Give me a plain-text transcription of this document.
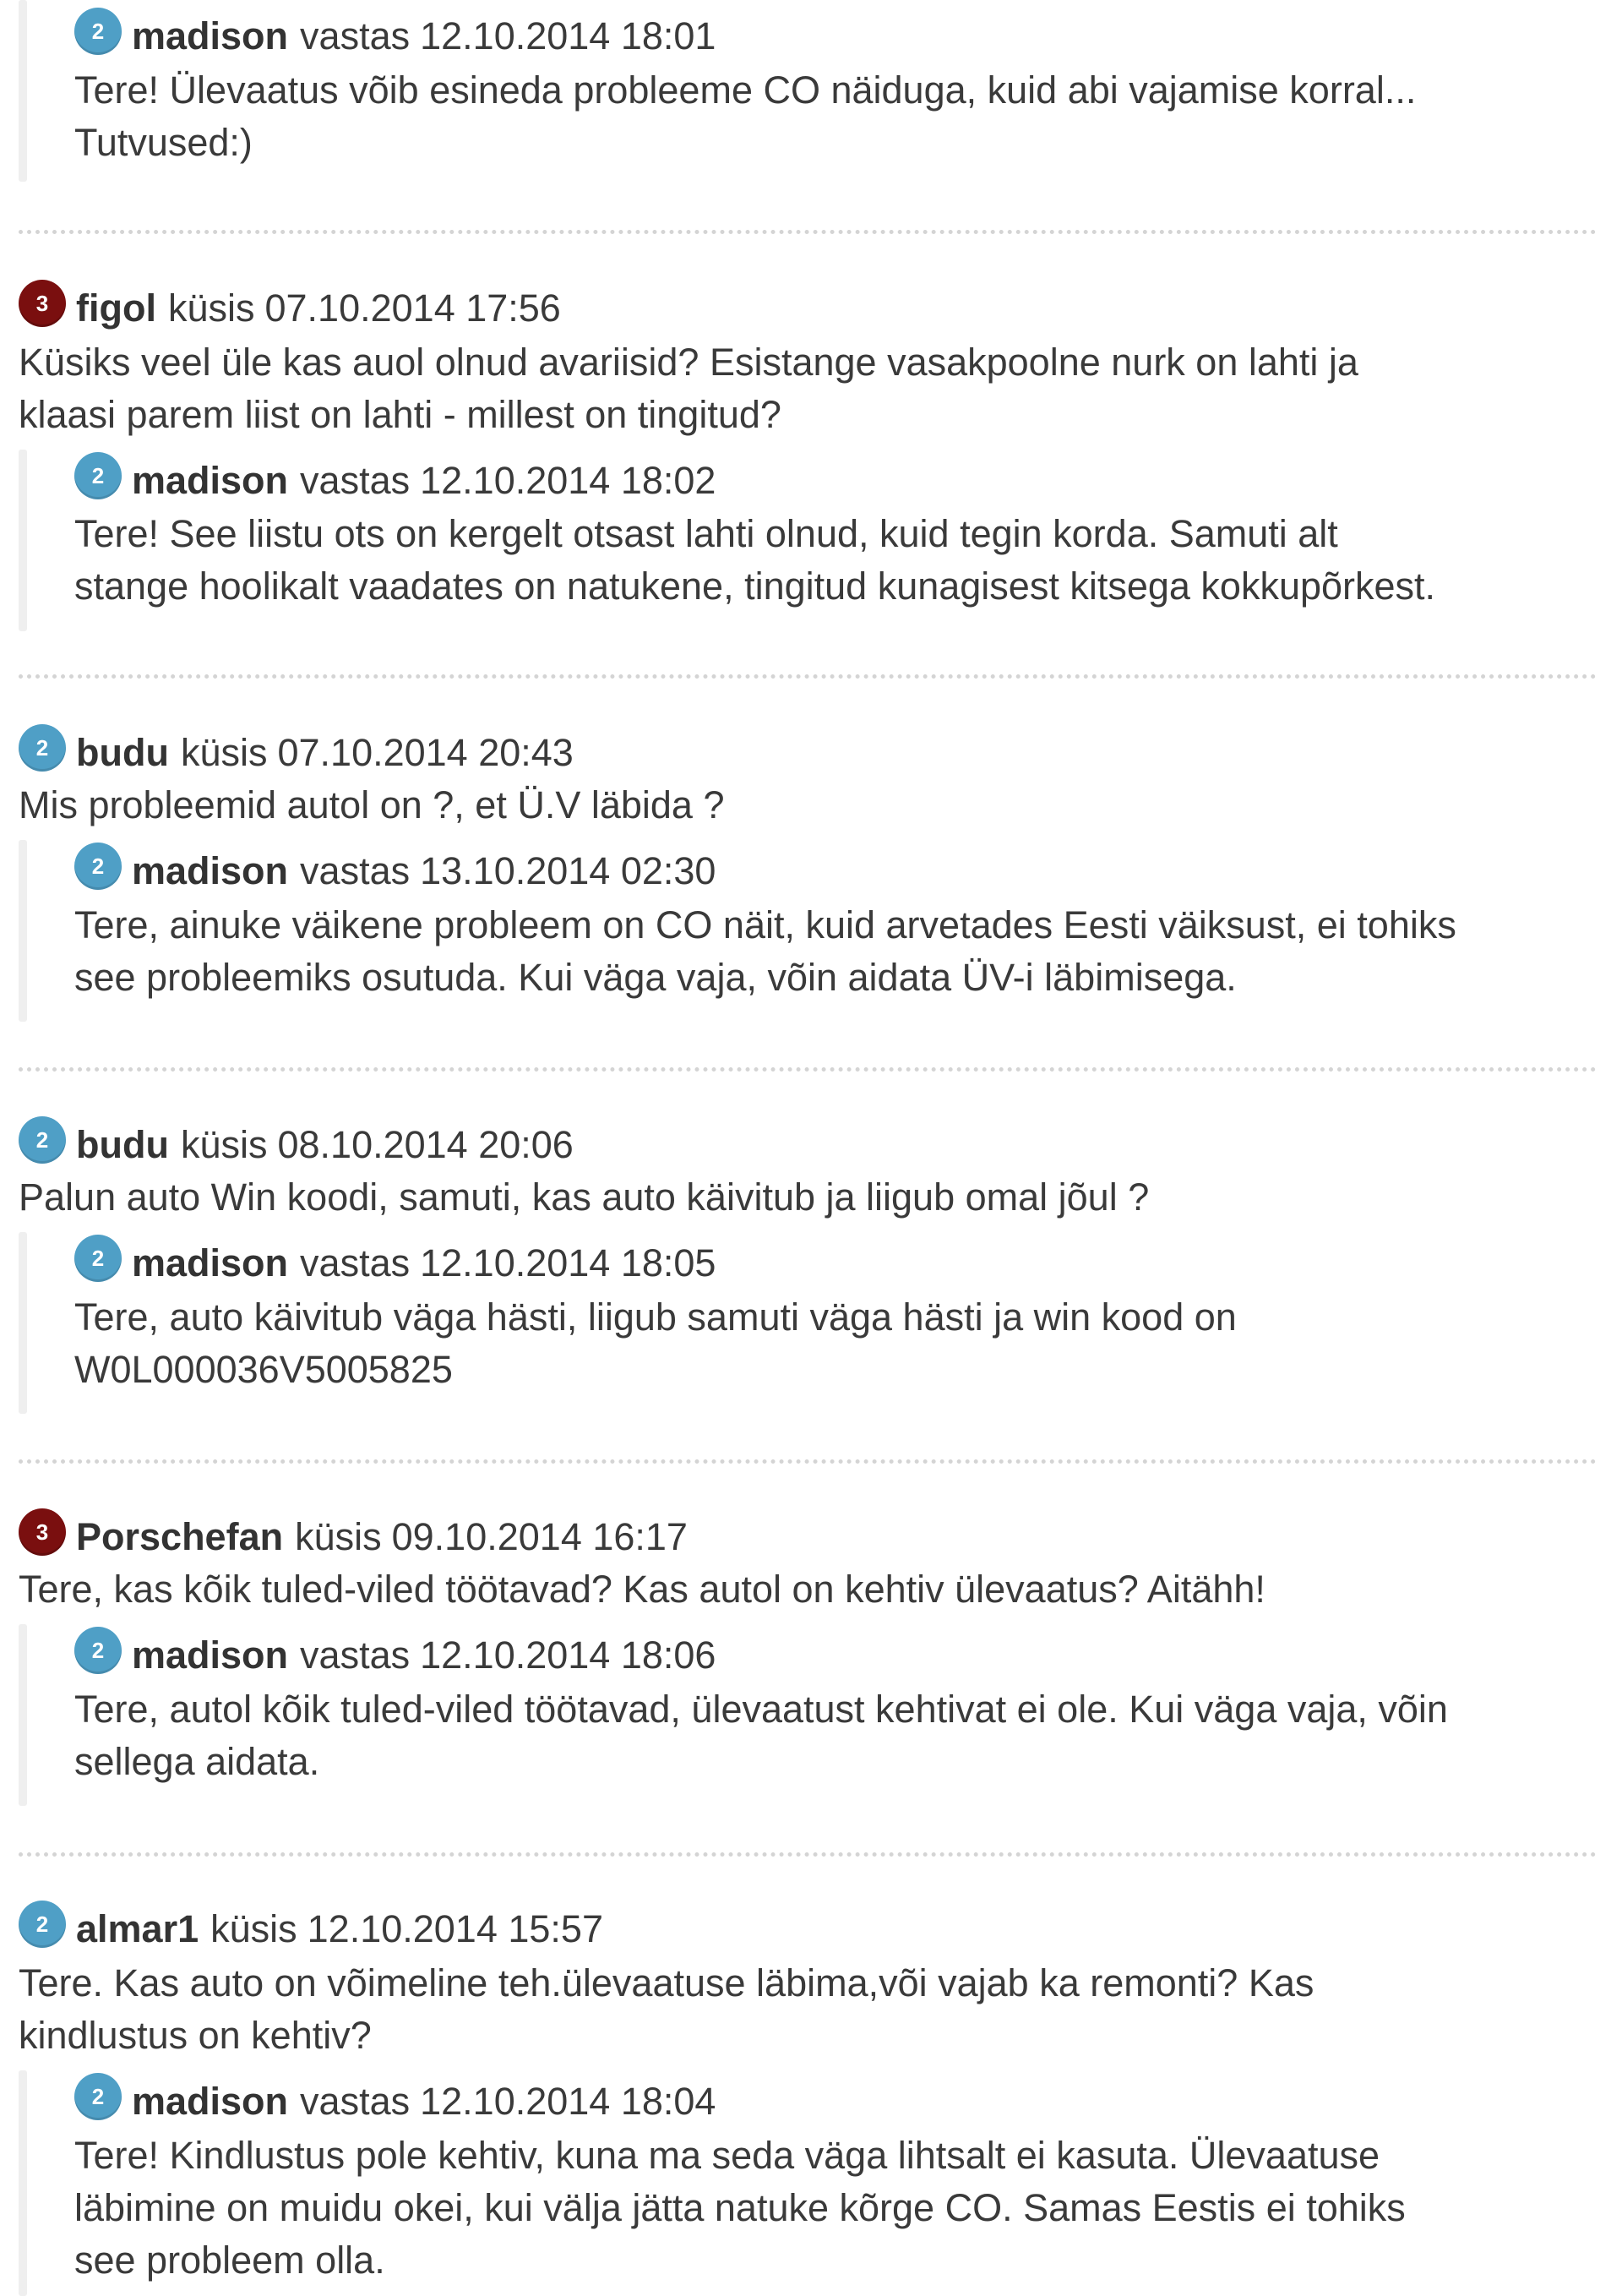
2 madison vastas 12.10.2014 18:01

Tere! Ülevaatus võib esineda probleeme CO näiduga, kuid abi vajamise korral...

Tutvused:)

3 figol küsis 07.10.2014 17:56

Küsiks veel üle kas auol olnud avariisid? Esistange vasakpoolne nurk on lahti ja

klaasi parem liist on lahti - millest on tingitud?

2 madison vastas 12.10.2014 18:02

Tere! See liistu ots on kergelt otsast lahti olnud, kuid tegin korda. Samuti alt

stange hoolikalt vaadates on natukene, tingitud kunagisest kitsega kokkupõrkest.

2 budu küsis 07.10.2014 20:43

Mis probleemid autol on ?, et Ü.V läbida ?

2 madison vastas 13.10.2014 02:30

Tere, ainuke väikene probleem on CO näit, kuid arvetades Eesti väiksust, ei tohiks

see probleemiks osutuda. Kui väga vaja, võin aidata ÜV-i läbimisega.

2 budu küsis 08.10.2014 20:06

Palun auto Win koodi, samuti, kas auto käivitub ja liigub omal jõul ?

2 madison vastas 12.10.2014 18:05

Tere, auto käivitub väga hästi, liigub samuti väga hästi ja win kood on

W0L000036V5005825

3 Porschefan küsis 09.10.2014 16:17

Tere, kas kõik tuled-viled töötavad? Kas autol on kehtiv ülevaatus? Aitähh!

2 madison vastas 12.10.2014 18:06

Tere, autol kõik tuled-viled töötavad, ülevaatust kehtivat ei ole. Kui väga vaja, võin

sellega aidata.

2 almar1 küsis 12.10.2014 15:57

Tere. Kas auto on võimeline teh.ülevaatuse läbima,või vajab ka remonti? Kas

kindlustus on kehtiv?

2 madison vastas 12.10.2014 18:04

Tere! Kindlustus pole kehtiv, kuna ma seda väga lihtsalt ei kasuta. Ülevaatuse

läbimine on muidu okei, kui välja jätta natuke kõrge CO. Samas Eestis ei tohiks

see probleem olla.
